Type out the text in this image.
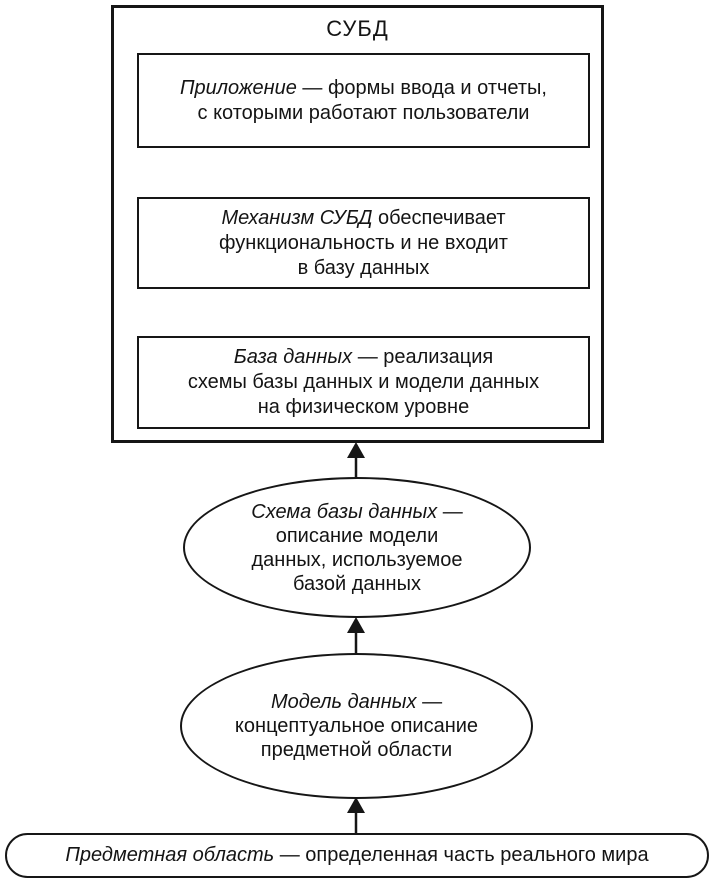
СУБД
Приложение — формы ввода и отчеты,
с которыми работают пользователи
Механизм СУБД обеспечивает
функциональность и не входит
в базу данных
База данных — реализация
схемы базы данных и модели данных
на физическом уровне
Схема базы данных —
описание модели
данных, используемое
базой данных
Модель данных —
концептуальное описание
предметной области
Предметная область — определенная часть реального мира
